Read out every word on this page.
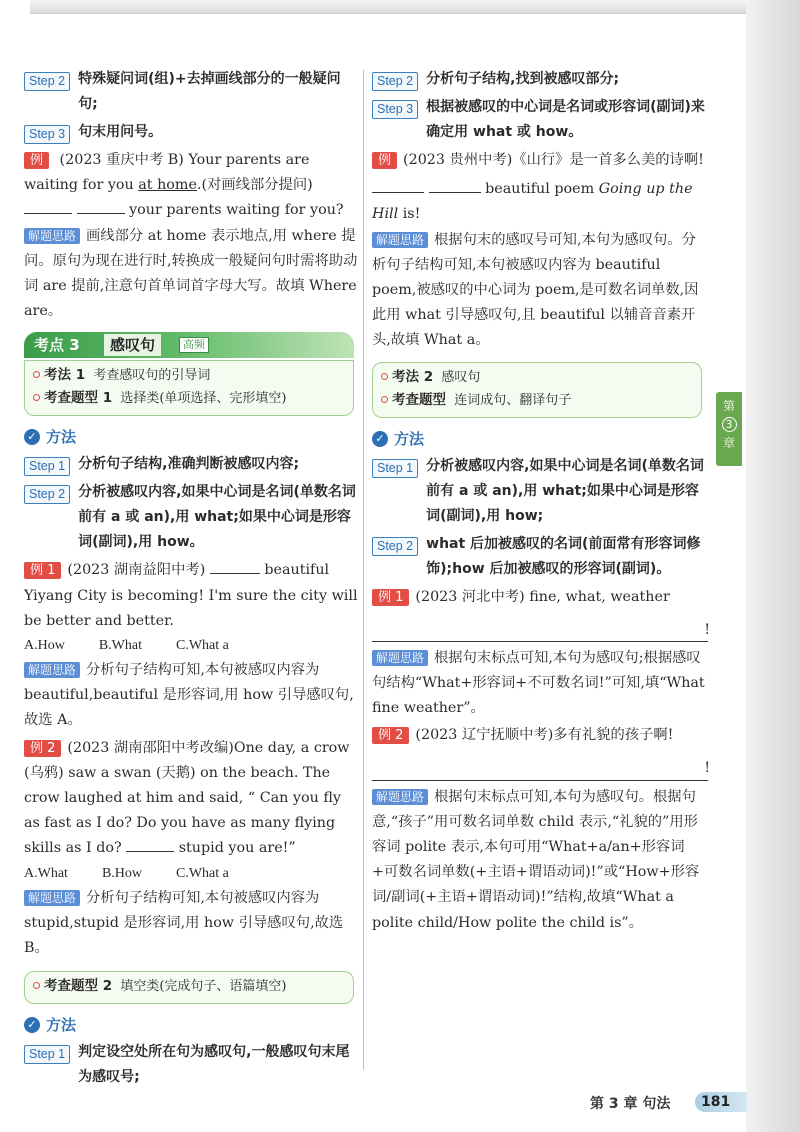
Step 2 特殊疑问词(组)+去掉画线部分的一般疑问句;
Step 3 句末用问号。

例 (2023 重庆中考 B) Your parents are waiting for you at home.(对画线部分提问)

your parents waiting for you?

解题思路 画线部分 at home 表示地点,用 where 提问。原句为现在进行时,转换成一般疑问句时需将助动词 are 提前,注意句首单词首字母大写。故填 Where are。

考点 3	感叹句	高频
考法 1 考查感叹句的引导词
考查题型 1 选择类(单项选择、完形填空)
✓ 方法
Step 1 分析句子结构,准确判断被感叹内容;
Step 2 分析被感叹内容,如果中心词是名词(单数名词前有 a 或 an),用 what;如果中心词是形容词(副词),用 how。

例 1 (2023 湖南益阳中考)	beautiful Yiyang City is becoming! I'm sure the city will be better and better.

A.How B.What C.What a

解题思路 分析句子结构可知,本句被感叹内容为 beautiful,beautiful 是形容词,用 how 引导感叹句,故选 A。

例 2 (2023 湖南邵阳中考改编)One day, a crow (乌鸦) saw a swan (天鹅) on the beach. The crow laughed at him and said, “ Can you fly as fast as I do? Do you have as many flying skills as I do?	stupid you are!”

A.What B.How C.What a

解题思路 分析句子结构可知,本句被感叹内容为 stupid,stupid 是形容词,用 how 引导感叹句,故选 B。

考查题型 2 填空类(完成句子、语篇填空)
✓ 方法
Step 1 判定设空处所在句为感叹句,一般感叹句末尾为感叹号;
Step 2 分析句子结构,找到被感叹部分;
Step 3 根据被感叹的中心词是名词或形容词(副词)来确定用 what 或 how。

例 (2023 贵州中考)《山行》是一首多么美的诗啊!

beautiful poem Going up the Hill is!

解题思路 根据句末的感叹号可知,本句为感叹句。分析句子结构可知,本句被感叹内容为 beautiful poem,被感叹的中心词为 poem,是可数名词单数,因此用 what 引导感叹句,且 beautiful 以辅音音素开头,故填 What a。

考法 2 感叹句
考查题型 连词成句、翻译句子
✓ 方法
Step 1 分析被感叹内容,如果中心词是名词(单数名词前有 a 或 an),用 what;如果中心词是形容词(副词),用 how;
Step 2 what 后加被感叹的名词(前面常有形容词修饰);how 后加被感叹的形容词(副词)。

例 1 (2023 河北中考) fine, what, weather

!

解题思路 根据句末标点可知,本句为感叹句;根据感叹句结构“What+形容词+不可数名词!”可知,填“What fine weather”。

例 2 (2023 辽宁抚顺中考)多有礼貌的孩子啊!

!

解题思路 根据句末标点可知,本句为感叹句。根据句意,“孩子”用可数名词单数 child 表示,“礼貌的”用形容词 polite 表示,本句可用“What+a/an+形容词+可数名词单数(+主语+谓语动词)!”或“How+形容词/副词(+主语+谓语动词)!”结构,故填“What a polite child/How polite the child is”。

第
3
章
第 3 章 句法	181
